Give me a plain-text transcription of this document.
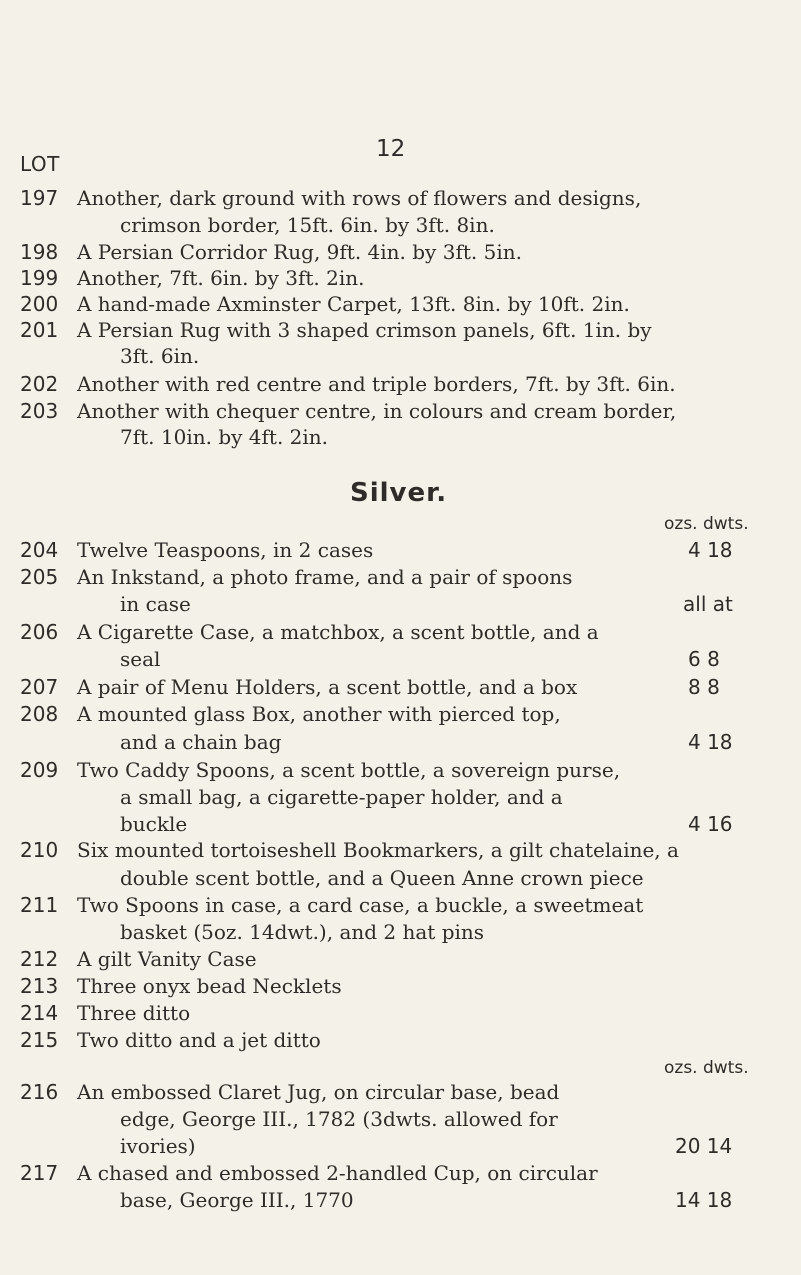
12
LOT
197 Another, dark ground with rows of flowers and designs,
crimson border, 15ft. 6in. by 3ft. 8in.
198 A Persian Corridor Rug, 9ft. 4in. by 3ft. 5in.
199 Another, 7ft. 6in. by 3ft. 2in.
200 A hand-made Axminster Carpet, 13ft. 8in. by 10ft. 2in.
201 A Persian Rug with 3 shaped crimson panels, 6ft. 1in. by
3ft. 6in.
202 Another with red centre and triple borders, 7ft. by 3ft. 6in.
203 Another with chequer centre, in colours and cream border,
7ft. 10in. by 4ft. 2in.
Silver.
ozs. dwts.
204 Twelve Teaspoons, in 2 cases	4 18
205 An Inkstand, a photo frame, and a pair of spoons
in case	all at
206 A Cigarette Case, a matchbox, a scent bottle, and a
seal	6 8
207 A pair of Menu Holders, a scent bottle, and a box	8 8
208 A mounted glass Box, another with pierced top,
and a chain bag	4 18
209 Two Caddy Spoons, a scent bottle, a sovereign purse,
a small bag, a cigarette-paper holder, and a
buckle	4 16
210 Six mounted tortoiseshell Bookmarkers, a gilt chatelaine, a
double scent bottle, and a Queen Anne crown piece
211 Two Spoons in case, a card case, a buckle, a sweetmeat
basket (5oz. 14dwt.), and 2 hat pins
212 A gilt Vanity Case
213 Three onyx bead Necklets
214 Three ditto
215 Two ditto and a jet ditto
ozs. dwts.
216 An embossed Claret Jug, on circular base, bead
edge, George III., 1782 (3dwts. allowed for
ivories)	20 14
217 A chased and embossed 2-handled Cup, on circular
base, George III., 1770	14 18
